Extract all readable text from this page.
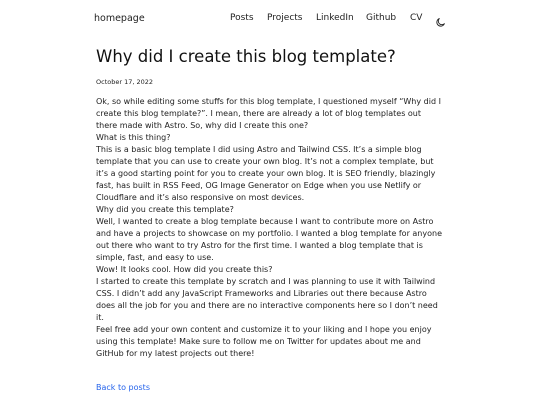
homepage	Posts Projects LinkedIn Github CV
Why did I create this blog template?
October 17, 2022

Ok, so while editing some stuffs for this blog template, I questioned myself “Why did I create this blog template?”. I mean, there are already a lot of blog templates out there made with Astro. So, why did I create this one?

What is this thing?

This is a basic blog template I did using Astro and Tailwind CSS. It’s a simple blog template that you can use to create your own blog. It’s not a complex template, but it’s a good starting point for you to create your own blog. It is SEO friendly, blazingly fast, has built in RSS Feed, OG Image Generator on Edge when you use Netlify or Cloudflare and it’s also responsive on most devices.

Why did you create this template?

Well, I wanted to create a blog template because I want to contribute more on Astro and have a projects to showcase on my portfolio. I wanted a blog template for anyone out there who want to try Astro for the first time. I wanted a blog template that is simple, fast, and easy to use.

Wow! It looks cool. How did you create this?

I started to create this template by scratch and I was planning to use it with Tailwind CSS. I didn’t add any JavaScript Frameworks and Libraries out there because Astro does all the job for you and there are no interactive components here so I don’t need it.

Feel free add your own content and customize it to your liking and I hope you enjoy using this template! Make sure to follow me on Twitter for updates about me and GitHub for my latest projects out there!

Back to posts
